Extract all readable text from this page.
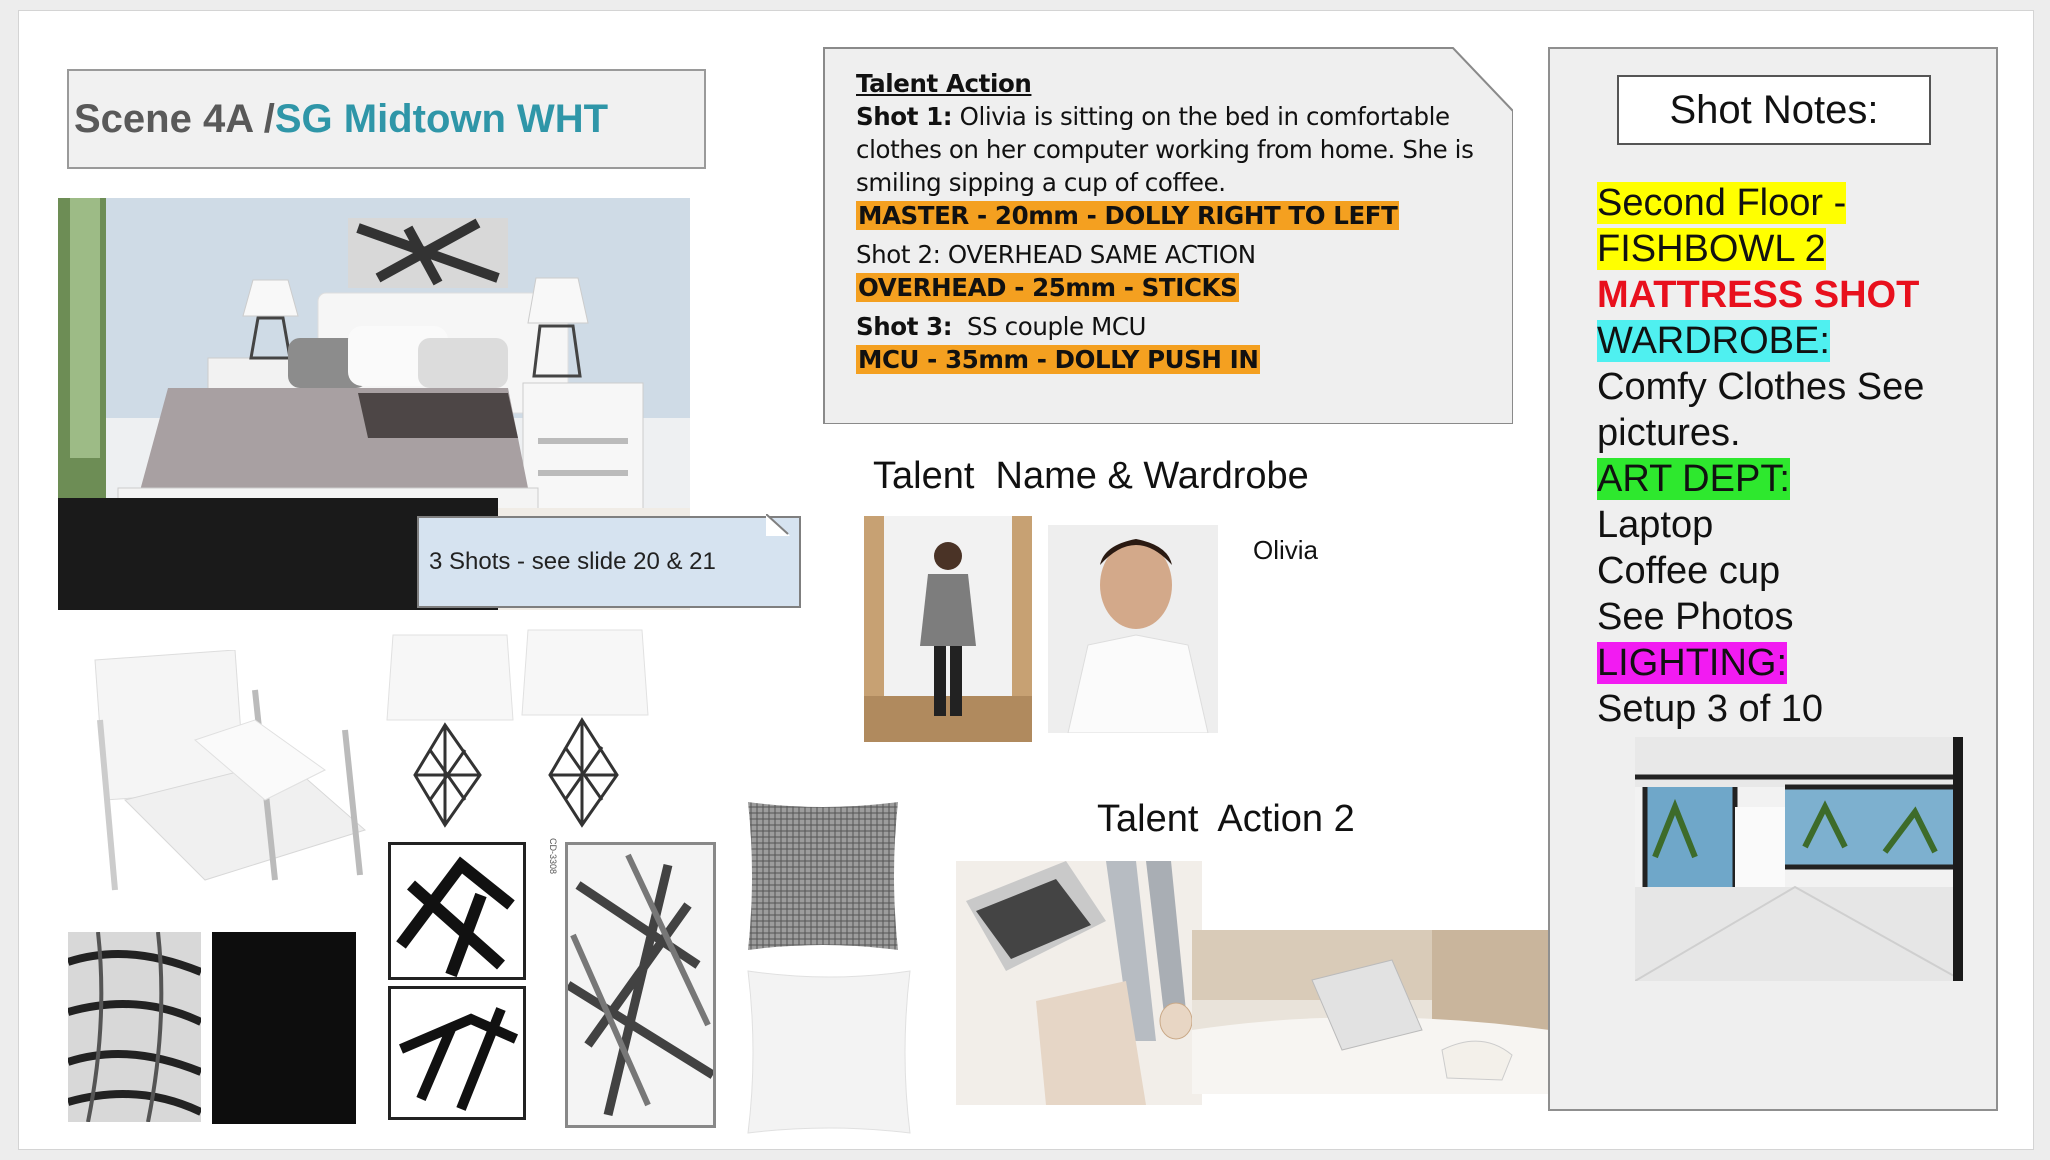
Scene 4A / SG Midtown WHT
3 Shots - see slide 20 & 21
CD-3308
Talent Action
Shot 1: Olivia is sitting on the bed in comfortable clothes on her computer working from home. She is smiling sipping a cup of coffee.
MASTER - 20mm - DOLLY RIGHT TO LEFT
Shot 2: OVERHEAD SAME ACTION
OVERHEAD - 25mm - STICKS
Shot 3:  SS couple MCU
MCU - 35mm - DOLLY PUSH IN
Talent  Name & Wardrobe
Olivia
Talent  Action 2
Shot Notes:
Second Floor - FISHBOWL 2
MATTRESS SHOT
WARDROBE:
Comfy Clothes See pictures.
ART DEPT:
Laptop
Coffee cup
See Photos
LIGHTING:
Setup 3 of 10
